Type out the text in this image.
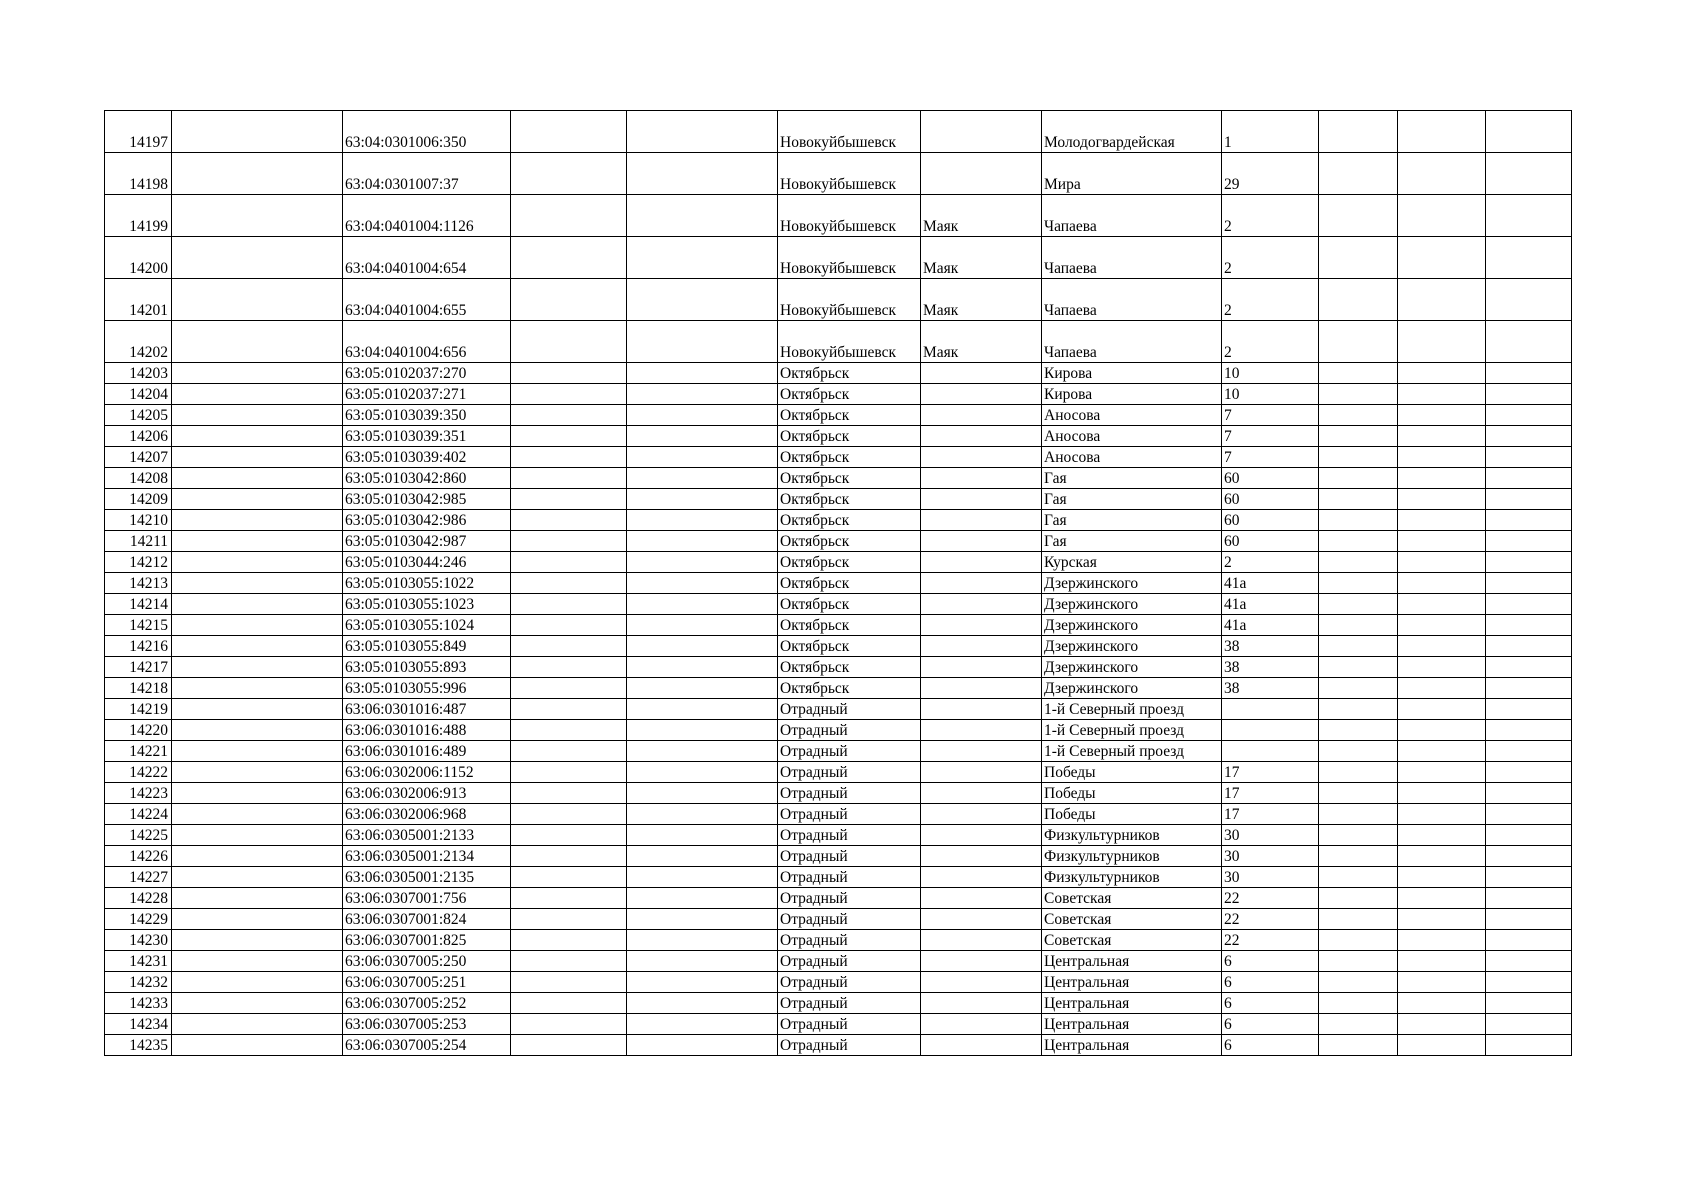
14197		63:04:0301006:350			Новокуйбышевск		Молодогвардейская	1			
14198		63:04:0301007:37			Новокуйбышевск		Мира	29			
14199		63:04:0401004:1126			Новокуйбышевск	Маяк	Чапаева	2			
14200		63:04:0401004:654			Новокуйбышевск	Маяк	Чапаева	2			
14201		63:04:0401004:655			Новокуйбышевск	Маяк	Чапаева	2			
14202		63:04:0401004:656			Новокуйбышевск	Маяк	Чапаева	2			
14203		63:05:0102037:270			Октябрьск		Кирова	10			
14204		63:05:0102037:271			Октябрьск		Кирова	10			
14205		63:05:0103039:350			Октябрьск		Аносова	7			
14206		63:05:0103039:351			Октябрьск		Аносова	7			
14207		63:05:0103039:402			Октябрьск		Аносова	7			
14208		63:05:0103042:860			Октябрьск		Гая	60			
14209		63:05:0103042:985			Октябрьск		Гая	60			
14210		63:05:0103042:986			Октябрьск		Гая	60			
14211		63:05:0103042:987			Октябрьск		Гая	60			
14212		63:05:0103044:246			Октябрьск		Курская	2			
14213		63:05:0103055:1022			Октябрьск		Дзержинского	41а			
14214		63:05:0103055:1023			Октябрьск		Дзержинского	41а			
14215		63:05:0103055:1024			Октябрьск		Дзержинского	41а			
14216		63:05:0103055:849			Октябрьск		Дзержинского	38			
14217		63:05:0103055:893			Октябрьск		Дзержинского	38			
14218		63:05:0103055:996			Октябрьск		Дзержинского	38			
14219		63:06:0301016:487			Отрадный		1-й Северный проезд				
14220		63:06:0301016:488			Отрадный		1-й Северный проезд				
14221		63:06:0301016:489			Отрадный		1-й Северный проезд				
14222		63:06:0302006:1152			Отрадный		Победы	17			
14223		63:06:0302006:913			Отрадный		Победы	17			
14224		63:06:0302006:968			Отрадный		Победы	17			
14225		63:06:0305001:2133			Отрадный		Физкультурников	30			
14226		63:06:0305001:2134			Отрадный		Физкультурников	30			
14227		63:06:0305001:2135			Отрадный		Физкультурников	30			
14228		63:06:0307001:756			Отрадный		Советская	22			
14229		63:06:0307001:824			Отрадный		Советская	22			
14230		63:06:0307001:825			Отрадный		Советская	22			
14231		63:06:0307005:250			Отрадный		Центральная	6			
14232		63:06:0307005:251			Отрадный		Центральная	6			
14233		63:06:0307005:252			Отрадный		Центральная	6			
14234		63:06:0307005:253			Отрадный		Центральная	6			
14235		63:06:0307005:254			Отрадный		Центральная	6			
